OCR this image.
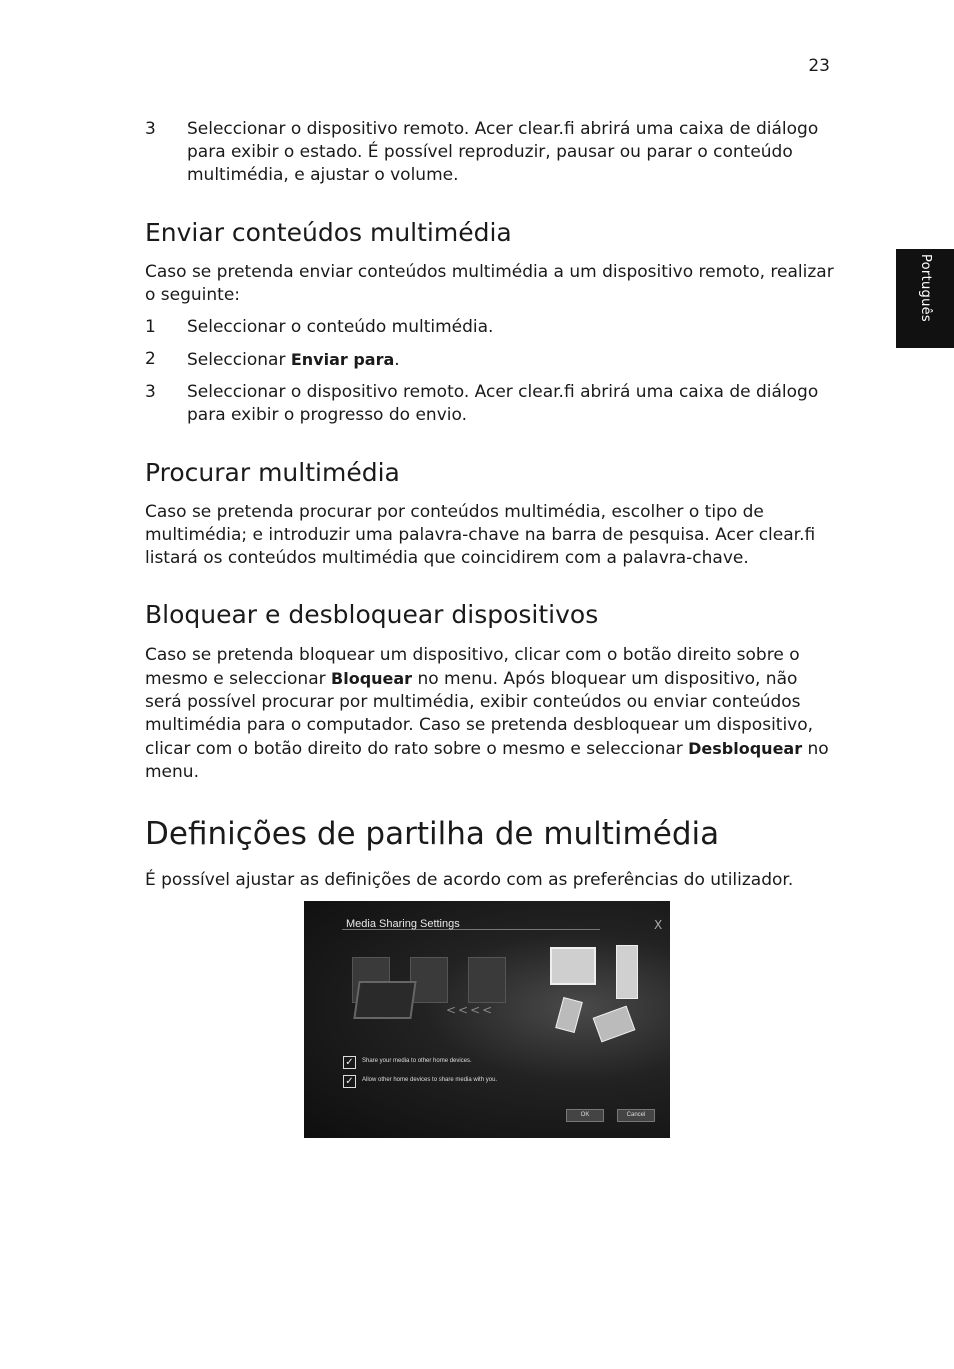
23
Português
3 Seleccionar o dispositivo remoto. Acer clear.fi abrirá uma caixa de diálogo para exibir o estado. É possível reproduzir, pausar ou parar o conteúdo multimédia, e ajustar o volume.
Enviar conteúdos multimédia

Caso se pretenda enviar conteúdos multimédia a um dispositivo remoto, realizar o seguinte:

1 Seleccionar o conteúdo multimédia.
2 Seleccionar Enviar para.
3 Seleccionar o dispositivo remoto. Acer clear.fi abrirá uma caixa de diálogo para exibir o progresso do envio.
Procurar multimédia

Caso se pretenda procurar por conteúdos multimédia, escolher o tipo de multimédia; e introduzir uma palavra-chave na barra de pesquisa. Acer clear.fi listará os conteúdos multimédia que coincidirem com a palavra-chave.

Bloquear e desbloquear dispositivos

Caso se pretenda bloquear um dispositivo, clicar com o botão direito sobre o mesmo e seleccionar Bloquear no menu. Após bloquear um dispositivo, não será possível procurar por multimédia, exibir conteúdos ou enviar conteúdos multimédia para o computador. Caso se pretenda desbloquear um dispositivo, clicar com o botão direito do rato sobre o mesmo e seleccionar Desbloquear no menu.

Definições de partilha de multimédia

É possível ajustar as definições de acordo com as preferências do utilizador.

Media Sharing Settings	X
<<<<
✓	Share your media to other home devices.
✓	Allow other home devices to share media with you.
OK	Cancel
